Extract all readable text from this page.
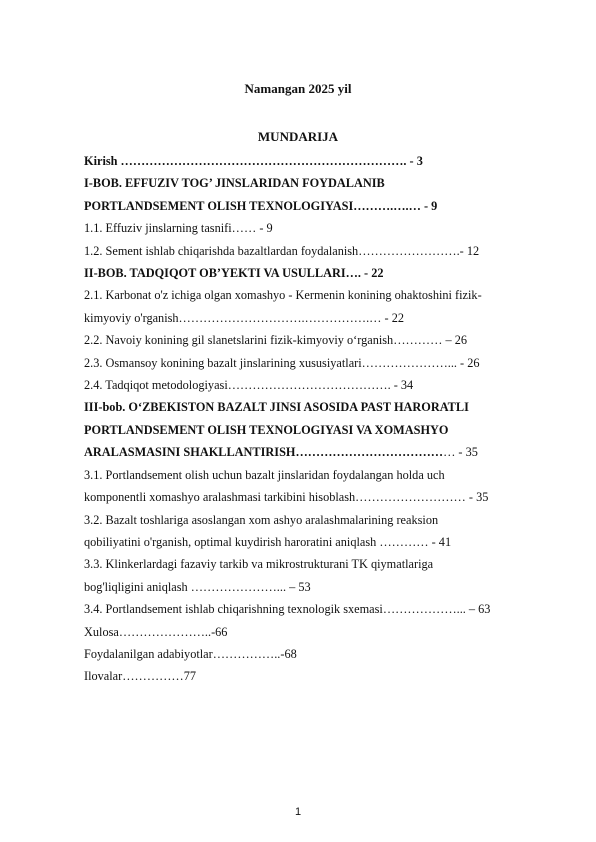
Namangan 2025 yil
MUNDARIJA
Kirish ……………………………………………………………. - 3
I-BOB. EFFUZIV TOG’ JINSLARIDAN FOYDALANIB
PORTLANDSEMENT OLISH TEXNOLOGIYASI……….….… - 9
1.1. Effuziv jinslarning tasnifi…… - 9
1.2. Sement ishlab chiqarishda bazaltlardan foydalanish…………………….- 12
II-BOB. TADQIQOT OB’YEKTI VA USULLARI…. - 22
2.1. Karbonat o'z ichiga olgan xomashyo - Kermenin konining ohaktoshini fizik-
kimyoviy o'rganish………………………….…………….… - 22
2.2. Navoiy konining gil slanetslarini fizik-kimyoviy o‘rganish………… – 26
2.3. Osmansoy konining bazalt jinslarining xususiyatlari…………………... - 26
2.4. Tadqiqot metodologiyasi…………………………………. - 34
III-bob. O‘ZBEKISTON BAZALT JINSI ASOSIDA PAST HARORATLI
PORTLANDSEMENT OLISH TEXNOLOGIYASI VA XOMASHYO
ARALASMASINI SHAKLLANTIRISH………………………………… - 35
3.1. Portlandsement olish uchun bazalt jinslaridan foydalangan holda uch
komponentli xomashyo aralashmasi tarkibini hisoblash……………………… - 35
3.2. Bazalt toshlariga asoslangan xom ashyo aralashmalarining reaksion
qobiliyatini o'rganish, optimal kuydirish haroratini aniqlash ………… - 41
3.3. Klinkerlardagi fazaviy tarkib va mikrostrukturani TK qiymatlariga
bog'liqligini aniqlash …………………... – 53
3.4. Portlandsement ishlab chiqarishning texnologik sxemasi………………... – 63
Xulosa…………………..-66
Foydalanilgan adabiyotlar……………..-68
Ilovalar……………77
1
